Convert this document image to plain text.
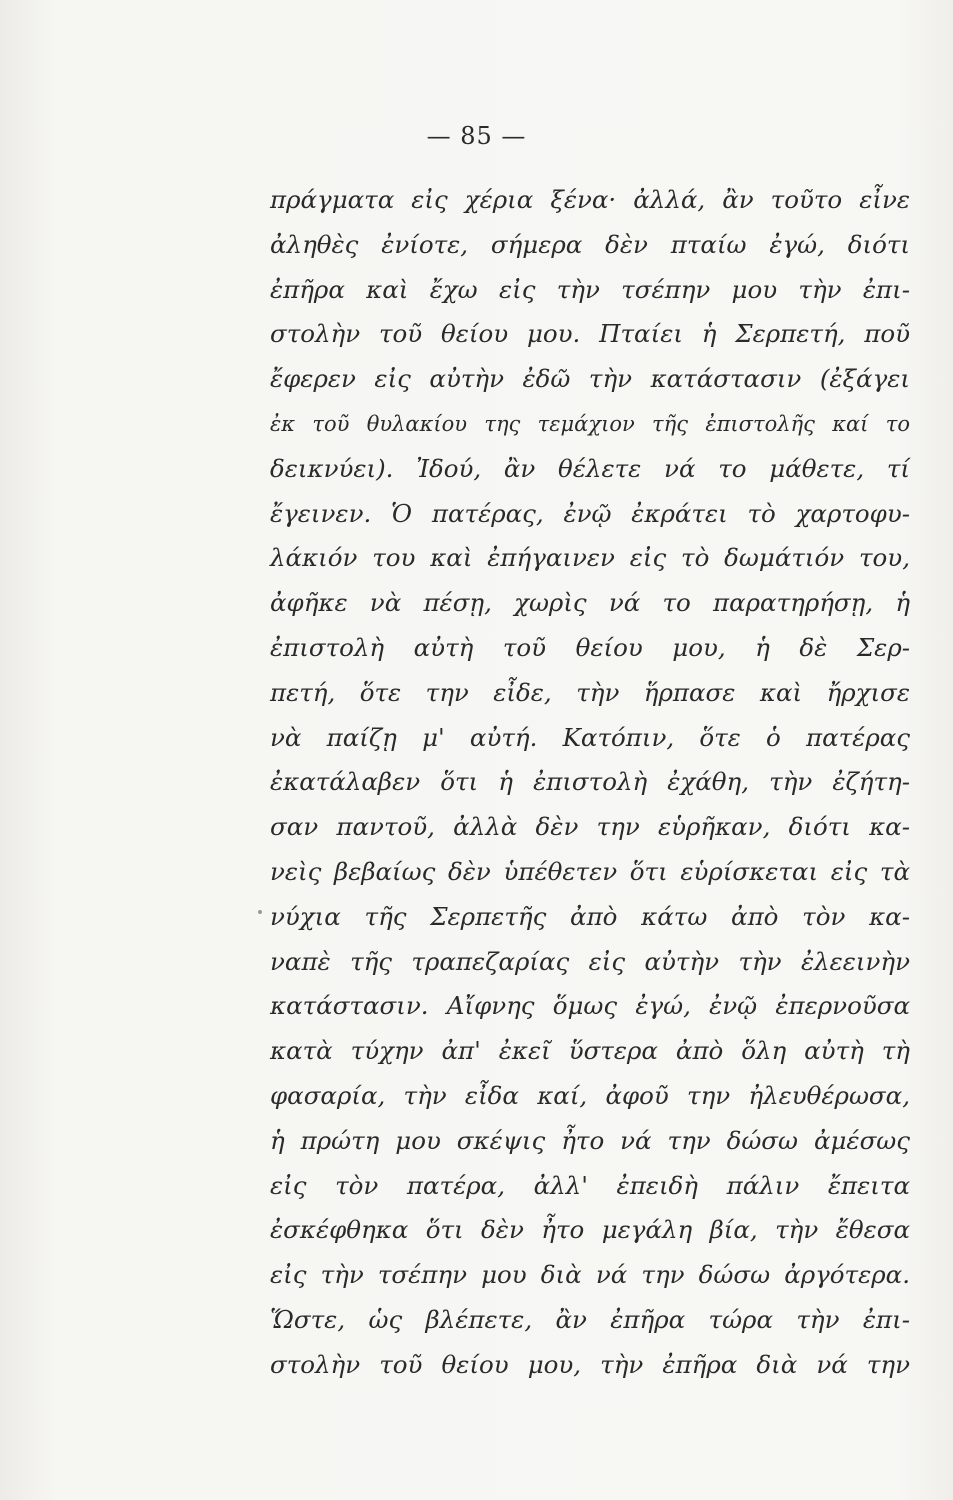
— 85 —
πράγματα εἰς χέρια ξένα· ἀλλά, ἂν τοῦτο εἶνε
ἀληθὲς ἐνίοτε, σήμερα δὲν πταίω ἐγώ, διότι
ἐπῆρα καὶ ἔχω εἰς τὴν τσέπην μου τὴν ἐπι-
στολὴν τοῦ θείου μου. Πταίει ἡ Σερπετή, ποῦ
ἔφερεν εἰς αὐτὴν ἐδῶ τὴν κατάστασιν (ἐξάγει
ἐκ τοῦ θυλακίου της τεμάχιον τῆς ἐπιστολῆς καί το
δεικνύει). Ἰδού, ἂν θέλετε νά το μάθετε, τί
ἔγεινεν. Ὁ πατέρας, ἐνῷ ἐκράτει τὸ χαρτοφυ-
λάκιόν του καὶ ἐπήγαινεν εἰς τὸ δωμάτιόν του,
ἀφῆκε νὰ πέσῃ, χωρὶς νά το παρατηρήσῃ, ἡ
ἐπιστολὴ αὐτὴ τοῦ θείου μου, ἡ δὲ Σερ-
πετή, ὅτε την εἶδε, τὴν ἥρπασε καὶ ἤρχισε
νὰ παίζῃ μ' αὐτή. Κατόπιν, ὅτε ὁ πατέρας
ἐκατάλαβεν ὅτι ἡ ἐπιστολὴ ἐχάθη, τὴν ἐζήτη-
σαν παντοῦ, ἀλλὰ δὲν την εὑρῆκαν, διότι κα-
νεὶς βεβαίως δὲν ὑπέθετεν ὅτι εὑρίσκεται εἰς τὰ
νύχια τῆς Σερπετῆς ἀπὸ κάτω ἀπὸ τὸν κα-
ναπὲ τῆς τραπεζαρίας εἰς αὐτὴν τὴν ἐλεεινὴν
κατάστασιν. Αἴφνης ὅμως ἐγώ, ἐνῷ ἐπερνοῦσα
κατὰ τύχην ἀπ' ἐκεῖ ὕστερα ἀπὸ ὅλη αὐτὴ τὴ
φασαρία, τὴν εἶδα καί, ἀφοῦ την ἠλευθέρωσα,
ἡ πρώτη μου σκέψις ἦτο νά την δώσω ἀμέσως
εἰς τὸν πατέρα, ἀλλ' ἐπειδὴ πάλιν ἔπειτα
ἐσκέφθηκα ὅτι δὲν ἦτο μεγάλη βία, τὴν ἔθεσα
εἰς τὴν τσέπην μου διὰ νά την δώσω ἀργότερα.
Ὥστε, ὡς βλέπετε, ἂν ἐπῆρα τώρα τὴν ἐπι-
στολὴν τοῦ θείου μου, τὴν ἐπῆρα διὰ νά την
